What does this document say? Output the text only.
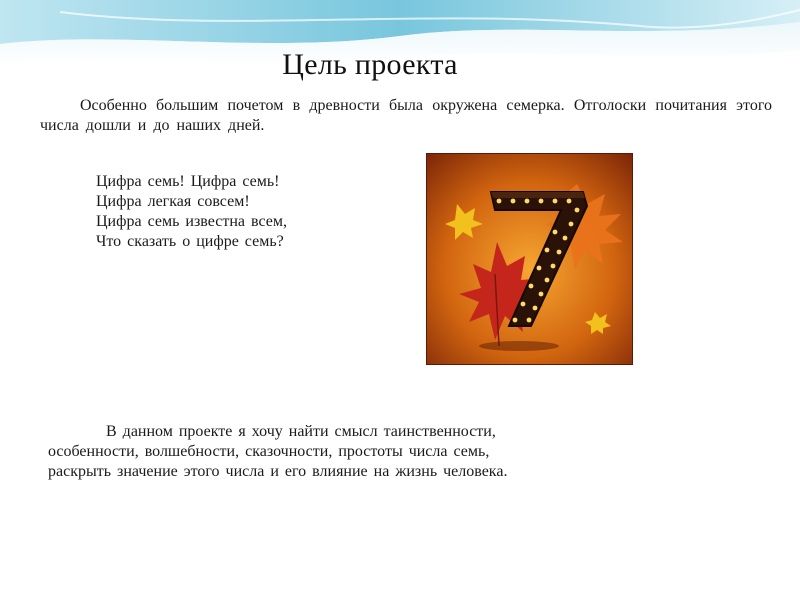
Цель проекта

Особенно большим почетом в древности была окружена семерка. Отголоски почитания этого числа дошли и до наших дней.

Цифра семь! Цифра семь!
Цифра легкая совсем!
Цифра семь известна всем,
Что сказать о цифре семь?
В данном проекте я хочу найти смысл таинственности,
особенности, волшебности, сказочности, простоты числа семь,
раскрыть значение этого числа и его влияние на жизнь человека.
